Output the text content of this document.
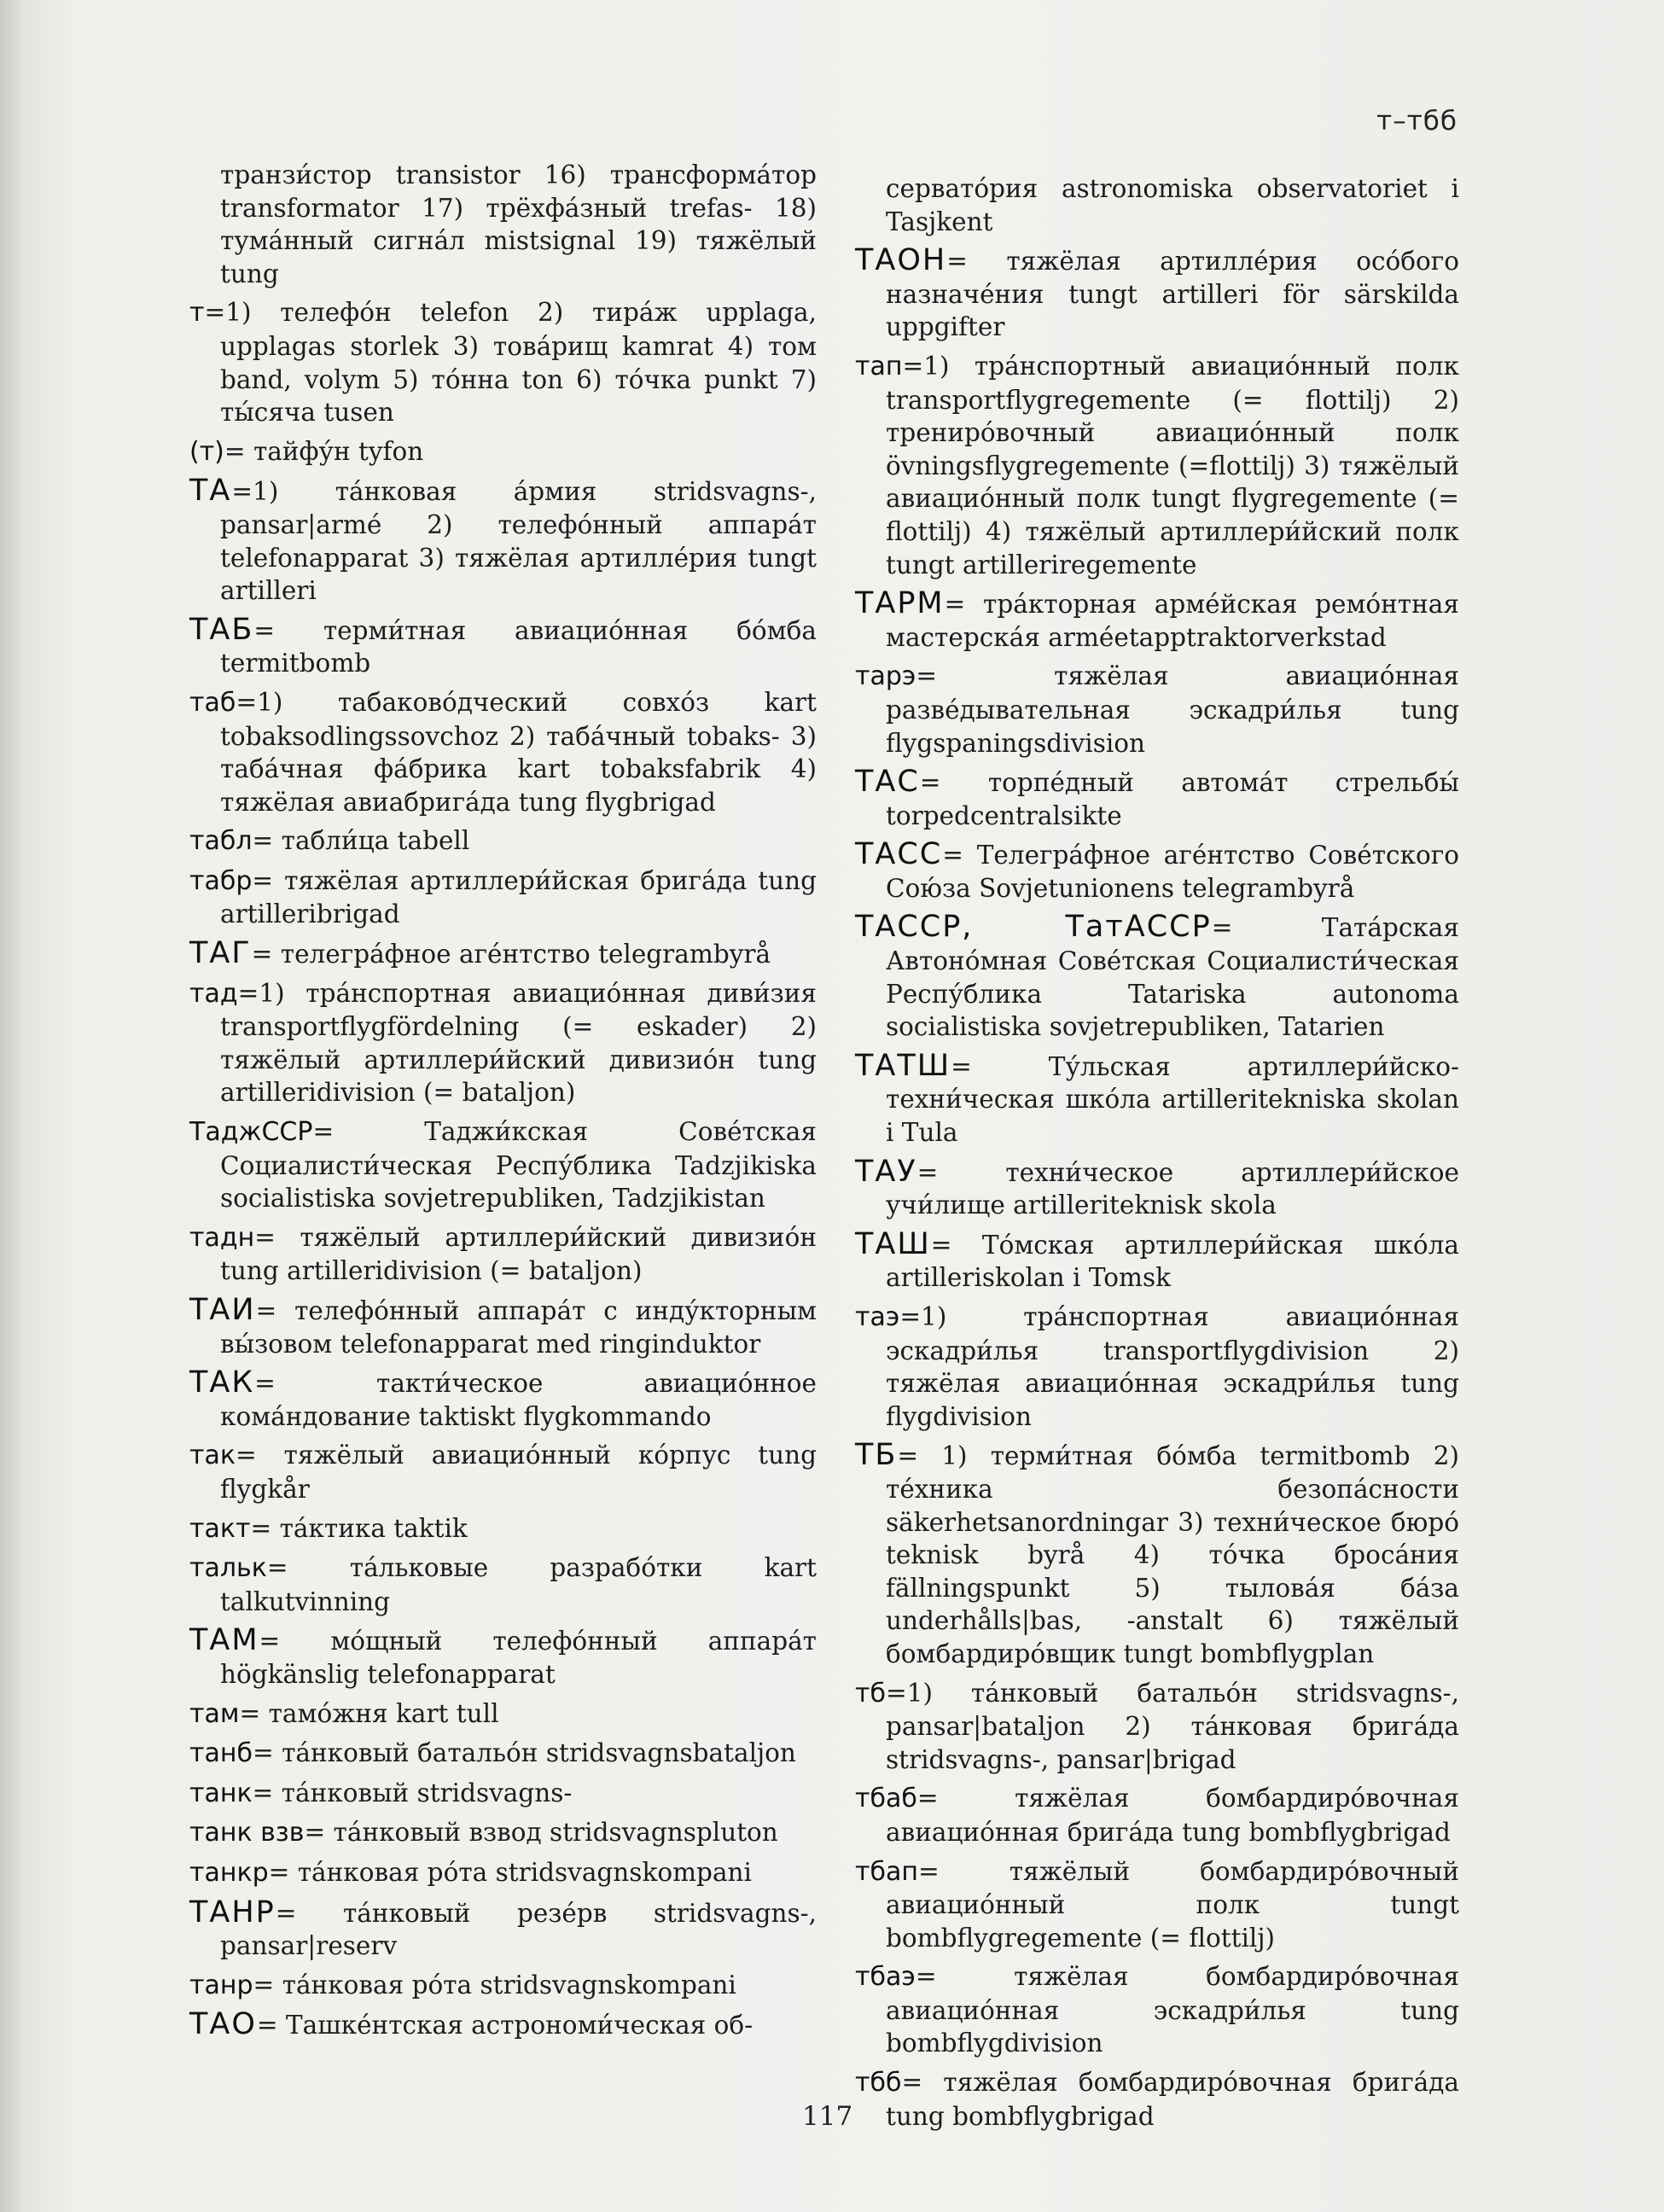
т–тбб
транзи́стор transistor 16) трансформа́тор transformator 17) трёхфа́зный trefas- 18) тума́нный сигна́л mistsignal 19) тяжёлый tung
т=1) телефо́н telefon 2) тира́ж upplaga, upplagas storlek 3) това́рищ kamrat 4) том band, volym 5) то́нна ton 6) то́чка punkt 7) ты́сяча tusen
(т)= тайфу́н tyfon
ТА=1) та́нковая а́рмия stridsvagns-, pansar|armé 2) телефо́нный аппара́т telefonapparat 3) тяжёлая артилле́рия tungt artilleri
ТАБ= терми́тная авиацио́нная бо́мба termitbomb
таб=1) табаково́дческий совхо́з kart tobaksodlingssovchoz 2) таба́чный tobaks- 3) таба́чная фа́брика kart tobaksfabrik 4) тяжёлая авиабрига́да tung flygbrigad
табл= табли́ца tabell
табр= тяжёлая артиллери́йская брига́да tung artilleribrigad
ТАГ= телегра́фное аге́нтство telegrambyrå
тад=1) тра́нспортная авиацио́нная диви́зия transportflygfördelning (= eskader) 2) тяжёлый артиллери́йский дивизио́н tung artilleridivision (= bataljon)
ТаджССР= Таджи́кская Сове́тская Социалисти́ческая Респу́блика Tadzjikiska socialistiska sovjetrepubliken, Tadzjikistan
тадн= тяжёлый артиллери́йский дивизио́н tung artilleridivision (= bataljon)
ТАИ= телефо́нный аппара́т с инду́кторным вы́зовом telefonapparat med ringinduktor
ТАК= такти́ческое авиацио́нное кома́ндование taktiskt flygkommando
так= тяжёлый авиацио́нный ко́рпус tung flygkår
такт= та́ктика taktik
тальк= та́льковые разрабо́тки kart talkutvinning
ТАМ= мо́щный телефо́нный аппара́т högkänslig telefonapparat
там= тамо́жня kart tull
танб= та́нковый батальо́н stridsvagnsbataljon
танк= та́нковый stridsvagns-
танк взв= та́нковый взвод stridsvagnspluton
танкр= та́нковая ро́та stridsvagnskompani
ТАНР= та́нковый резе́рв stridsvagns-, pansar|reserv
танр= та́нковая ро́та stridsvagnskompani
ТАО= Ташке́нтская астрономи́ческая об-
серватóрия astronomiska observatoriet i Tasjkent
ТАОН= тяжёлая артилле́рия осо́бого назначе́ния tungt artilleri för särskilda uppgifter
тап=1) тра́нспортный авиацио́нный полк transportflygregemente (= flottilj) 2) трениро́вочный авиацио́нный полк övningsflygregemente (=flottilj) 3) тяжёлый авиацио́нный полк tungt flygregemente (= flottilj) 4) тяжёлый артиллери́йский полк tungt artilleriregemente
ТАРМ= тра́кторная арме́йская ремо́нтная мастерска́я arméetapptraktorverkstad
тарэ= тяжёлая авиацио́нная разве́дывательная эскадри́лья tung flygspaningsdivision
ТАС= торпе́дный автома́т стрельбы́ torpedcentralsikte
ТАСС= Телегра́фное аге́нтство Сове́тского Сою́за Sovjetunionens telegrambyrå
ТАССР, ТатАССР= Тата́рская Автоно́мная Сове́тская Социалисти́ческая Респу́блика Tatariska autonoma socialistiska sovjetrepubliken, Tatarien
ТАТШ= Ту́льская артиллери́йско-техни́ческая шко́ла artilleritekniska skolan i Tula
ТАУ= техни́ческое артиллери́йское учи́лище artilleriteknisk skola
ТАШ= То́мская артиллери́йская шко́ла artilleriskolan i Tomsk
таэ=1) тра́нспортная авиацио́нная эскадри́лья transportflygdivision 2) тяжёлая авиацио́нная эскадри́лья tung flygdivision
ТБ= 1) терми́тная бо́мба termitbomb 2) те́хника безопа́сности säkerhetsanordningar 3) техни́ческое бюро́ teknisk byrå 4) то́чка броса́ния fällningspunkt 5) тылова́я ба́за underhålls|bas, -anstalt 6) тяжёлый бомбардиро́вщик tungt bombflygplan
тб=1) та́нковый батальо́н stridsvagns-, pansar|bataljon 2) та́нковая брига́да stridsvagns-, pansar|brigad
тбаб= тяжёлая бомбардиро́вочная авиацио́нная брига́да tung bombflygbrigad
тбап= тяжёлый бомбардиро́вочный авиацио́нный полк tungt bombflygregemente (= flottilj)
тбаэ= тяжёлая бомбардиро́вочная авиацио́нная эскадри́лья tung bombflygdivision
тбб= тяжёлая бомбардиро́вочная брига́да tung bombflygbrigad
117
